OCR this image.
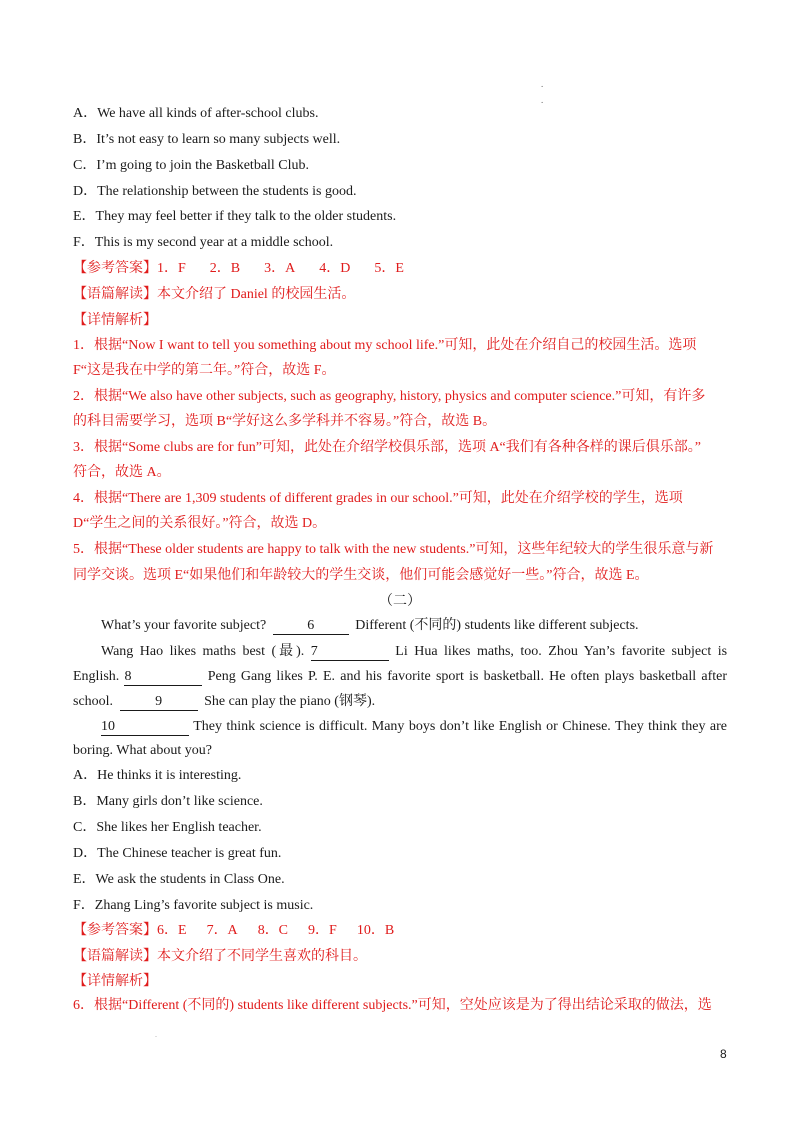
.
.
A．We have all kinds of after-school clubs.
B．It’s not easy to learn so many subjects well.
C．I’m going to join the Basketball Club.
D．The relationship between the students is good.
E．They may feel better if they talk to the older students.
F．This is my second year at a middle school.
【参考答案】1．F 2．B 3．A 4．D 5．E
【语篇解读】本文介绍了 Daniel 的校园生活。
【详情解析】
1．根据“Now I want to tell you something about my school life.”可知，此处在介绍自己的校园生活。选项
F“这是我在中学的第二年。”符合，故选 F。
2．根据“We also have other subjects, such as geography, history, physics and computer science.”可知，有许多
的科目需要学习，选项 B“学好这么多学科并不容易。”符合，故选 B。
3．根据“Some clubs are for fun”可知，此处在介绍学校俱乐部，选项 A“我们有各种各样的课后俱乐部。”
符合，故选 A。
4．根据“There are 1,309 students of different grades in our school.”可知，此处在介绍学校的学生，选项
D“学生之间的关系很好。”符合，故选 D。
5．根据“These older students are happy to talk with the new students.”可知，这些年纪较大的学生很乐意与新
同学交谈。选项 E“如果他们和年龄较大的学生交谈，他们可能会感觉好一些。”符合，故选 E。
（二）
What’s your favorite subject?	6	Different (不同的) students like different subjects.
Wang Hao likes maths best (最). 7	Li Hua likes maths, too. Zhou Yan’s favorite subject is
English. 8	Peng Gang likes P. E. and his favorite sport is basketball. He often plays basketball after
school.	9	She can play the piano (钢琴).
10	They think science is difficult. Many boys don’t like English or Chinese. They think they are
boring. What about you?
A．He thinks it is interesting.
B．Many girls don’t like science.
C．She likes her English teacher.
D．The Chinese teacher is great fun.
E．We ask the students in Class One.
F．Zhang Ling’s favorite subject is music.
【参考答案】6．E 7．A 8．C 9．F 10．B
【语篇解读】本文介绍了不同学生喜欢的科目。
【详情解析】
6．根据“Different (不同的) students like different subjects.”可知，空处应该是为了得出结论采取的做法，选
.
8
